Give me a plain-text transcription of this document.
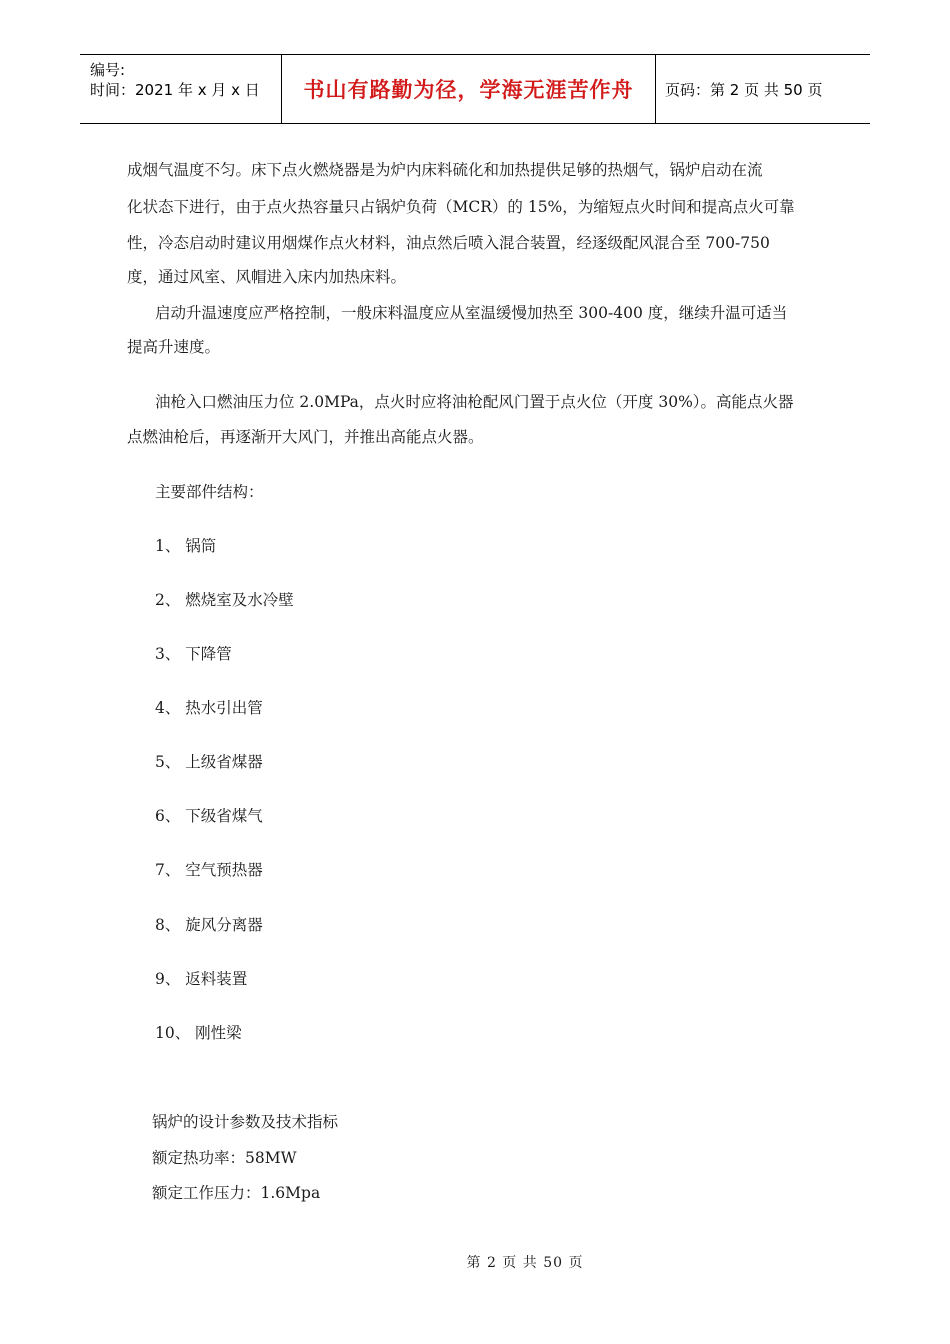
编号:
时间：2021 年 x 月 x 日	书山有路勤为径，学海无涯苦作舟	页码：第 2 页 共 50 页
成烟气温度不匀。床下点火燃烧器是为炉内床料硫化和加热提供足够的热烟气，锅炉启动在流
化状态下进行，由于点火热容量只占锅炉负荷（MCR）的 15%，为缩短点火时间和提高点火可靠
性，冷态启动时建议用烟煤作点火材料，油点然后喷入混合装置，经逐级配风混合至 700-750
度，通过风室、风帽进入床内加热床料。
启动升温速度应严格控制，一般床料温度应从室温缓慢加热至 300-400 度，继续升温可适当
提高升速度。
油枪入口燃油压力位 2.0MPa，点火时应将油枪配风门置于点火位（开度 30%）。高能点火器
点燃油枪后，再逐渐开大风门，并推出高能点火器。
主要部件结构：
1、 锅筒
2、 燃烧室及水冷壁
3、 下降管
4、 热水引出管
5、 上级省煤器
6、 下级省煤气
7、 空气预热器
8、 旋风分离器
9、 返料装置
10、 刚性梁
锅炉的设计参数及技术指标
额定热功率：58MW
额定工作压力：1.6Mpa
第 2 页 共 50 页
